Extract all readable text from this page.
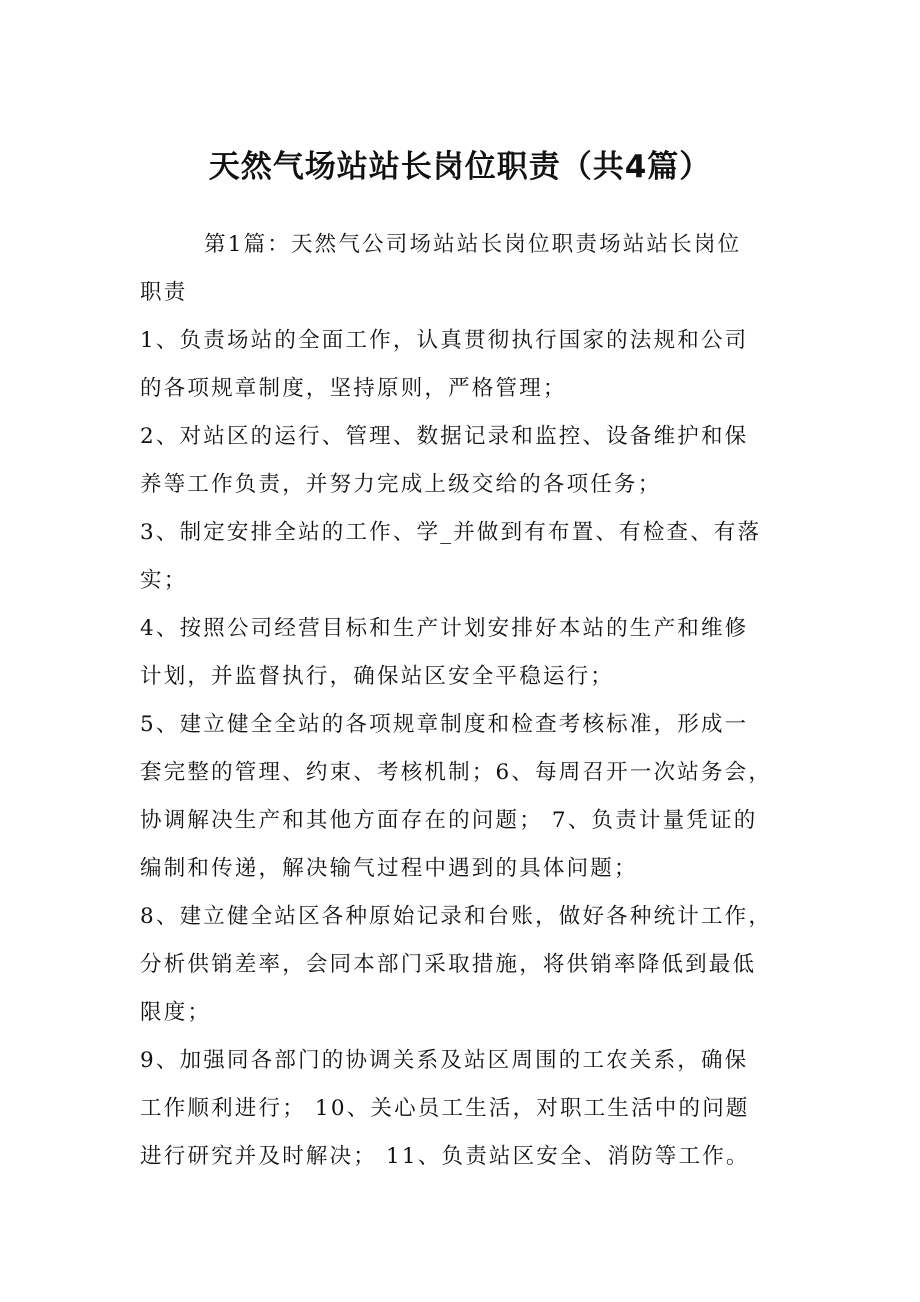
天然气场站站长岗位职责（共4篇）
第1篇：天然气公司场站站长岗位职责场站站长岗位
职责
1、负责场站的全面工作，认真贯彻执行国家的法规和公司
的各项规章制度，坚持原则，严格管理；
2、对站区的运行、管理、数据记录和监控、设备维护和保
养等工作负责，并努力完成上级交给的各项任务；
3、制定安排全站的工作、学_并做到有布置、有检查、有落
实；
4、按照公司经营目标和生产计划安排好本站的生产和维修
计划，并监督执行，确保站区安全平稳运行；
5、建立健全全站的各项规章制度和检查考核标准，形成一
套完整的管理、约束、考核机制；6、每周召开一次站务会，
协调解决生产和其他方面存在的问题； 7、负责计量凭证的
编制和传递，解决输气过程中遇到的具体问题；
8、建立健全站区各种原始记录和台账，做好各种统计工作，
分析供销差率，会同本部门采取措施，将供销率降低到最低
限度；
9、加强同各部门的协调关系及站区周围的工农关系，确保
工作顺利进行； 10、关心员工生活，对职工生活中的问题
进行研究并及时解决； 11、负责站区安全、消防等工作。
